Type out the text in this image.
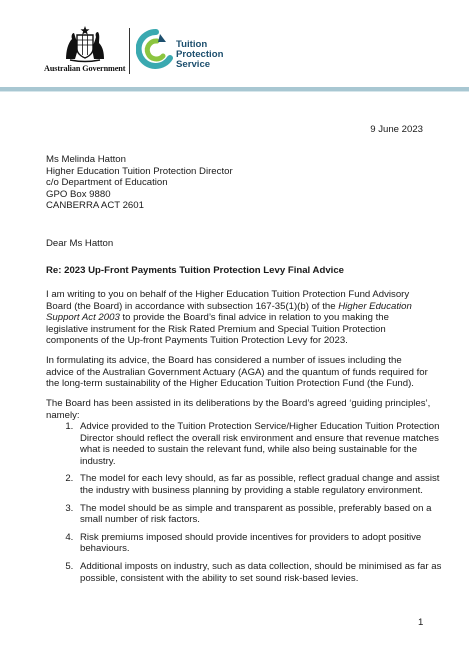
Australian Government
Tuition
Protection
Service
9 June 2023
Ms Melinda Hatton
Higher Education Tuition Protection Director
c/o Department of Education
GPO Box 9880
CANBERRA ACT 2601
Dear Ms Hatton
Re: 2023 Up-Front Payments Tuition Protection Levy Final Advice
I am writing to you on behalf of the Higher Education Tuition Protection Fund Advisory Board (the Board) in accordance with subsection 167-35(1)(b) of the Higher Education Support Act 2003 to provide the Board’s final advice in relation to you making the legislative instrument for the Risk Rated Premium and Special Tuition Protection components of the Up-front Payments Tuition Protection Levy for 2023.
In formulating its advice, the Board has considered a number of issues including the advice of the Australian Government Actuary (AGA) and the quantum of funds required for the long-term sustainability of the Higher Education Tuition Protection Fund (the Fund).
The Board has been assisted in its deliberations by the Board’s agreed ‘guiding principles’, namely:
1. Advice provided to the Tuition Protection Service/Higher Education Tuition Protection Director should reflect the overall risk environment and ensure that revenue matches what is needed to sustain the relevant fund, while also being sustainable for the industry.
2. The model for each levy should, as far as possible, reflect gradual change and assist the industry with business planning by providing a stable regulatory environment.
3. The model should be as simple and transparent as possible, preferably based on a small number of risk factors.
4. Risk premiums imposed should provide incentives for providers to adopt positive behaviours.
5. Additional imposts on industry, such as data collection, should be minimised as far as possible, consistent with the ability to set sound risk-based levies.
1
